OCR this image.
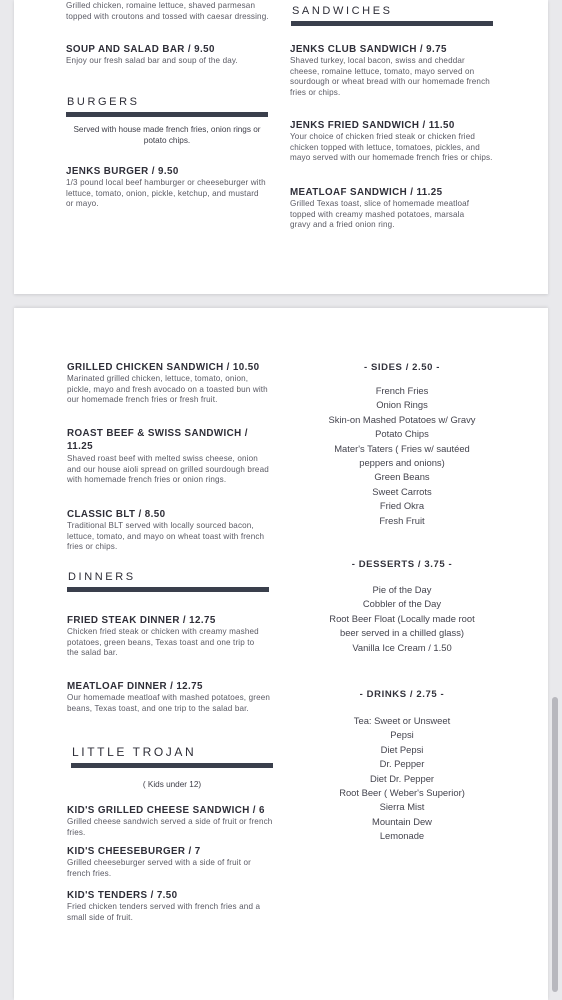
Grilled chicken, romaine lettuce, shaved parmesan topped with croutons and tossed with caesar dressing.
SOUP AND SALAD BAR / 9.50
Enjoy our fresh salad bar and soup of the day.
BURGERS
Served with house made french fries, onion rings or potato chips.
JENKS BURGER / 9.50
1/3 pound local beef hamburger or cheeseburger with lettuce, tomato, onion, pickle, ketchup, and mustard or mayo.
SANDWICHES
JENKS CLUB SANDWICH / 9.75
Shaved turkey, local bacon, swiss and cheddar cheese, romaine lettuce, tomato, mayo served on sourdough or wheat bread with our homemade french fries or chips.
JENKS FRIED SANDWICH / 11.50
Your choice of chicken fried steak or chicken fried chicken topped with lettuce, tomatoes, pickles, and mayo served with our homemade french fries or chips.
MEATLOAF SANDWICH / 11.25
Grilled Texas toast, slice of homemade meatloaf topped with creamy mashed potatoes, marsala gravy and a fried onion ring.
GRILLED CHICKEN SANDWICH / 10.50
Marinated grilled chicken, lettuce, tomato, onion, pickle, mayo and fresh avocado on a toasted bun with our homemade french fries or fresh fruit.
ROAST BEEF & SWISS SANDWICH /
11.25
Shaved roast beef with melted swiss cheese, onion and our house aioli spread on grilled sourdough bread with homemade french fries or onion rings.
CLASSIC BLT / 8.50
Traditional BLT served with locally sourced bacon, lettuce, tomato, and mayo on wheat toast with french fries or chips.
DINNERS
FRIED STEAK DINNER / 12.75
Chicken fried steak or chicken with creamy mashed potatoes, green beans, Texas toast and one trip to the salad bar.
MEATLOAF DINNER / 12.75
Our homemade meatloaf with mashed potatoes, green beans, Texas toast, and one trip to the salad bar.
LITTLE TROJAN
( Kids under 12)
KID'S GRILLED CHEESE SANDWICH / 6
Grilled cheese sandwich served a side of fruit or french fries.
KID'S CHEESEBURGER / 7
Grilled cheeseburger served with a side of fruit or french fries.
KID'S TENDERS / 7.50
Fried chicken tenders served with french fries and a small side of fruit.
- SIDES / 2.50 -
French Fries
Onion Rings
Skin-on Mashed Potatoes w/ Gravy
Potato Chips
Mater's Taters ( Fries w/ sautéed
peppers and onions)
Green Beans
Sweet Carrots
Fried Okra
Fresh Fruit
- DESSERTS / 3.75 -
Pie of the Day
Cobbler of the Day
Root Beer Float (Locally made root
beer served in a chilled glass)
Vanilla Ice Cream / 1.50
- DRINKS / 2.75 -
Tea: Sweet or Unsweet
Pepsi
Diet Pepsi
Dr. Pepper
Diet Dr. Pepper
Root Beer ( Weber's Superior)
Sierra Mist
Mountain Dew
Lemonade
